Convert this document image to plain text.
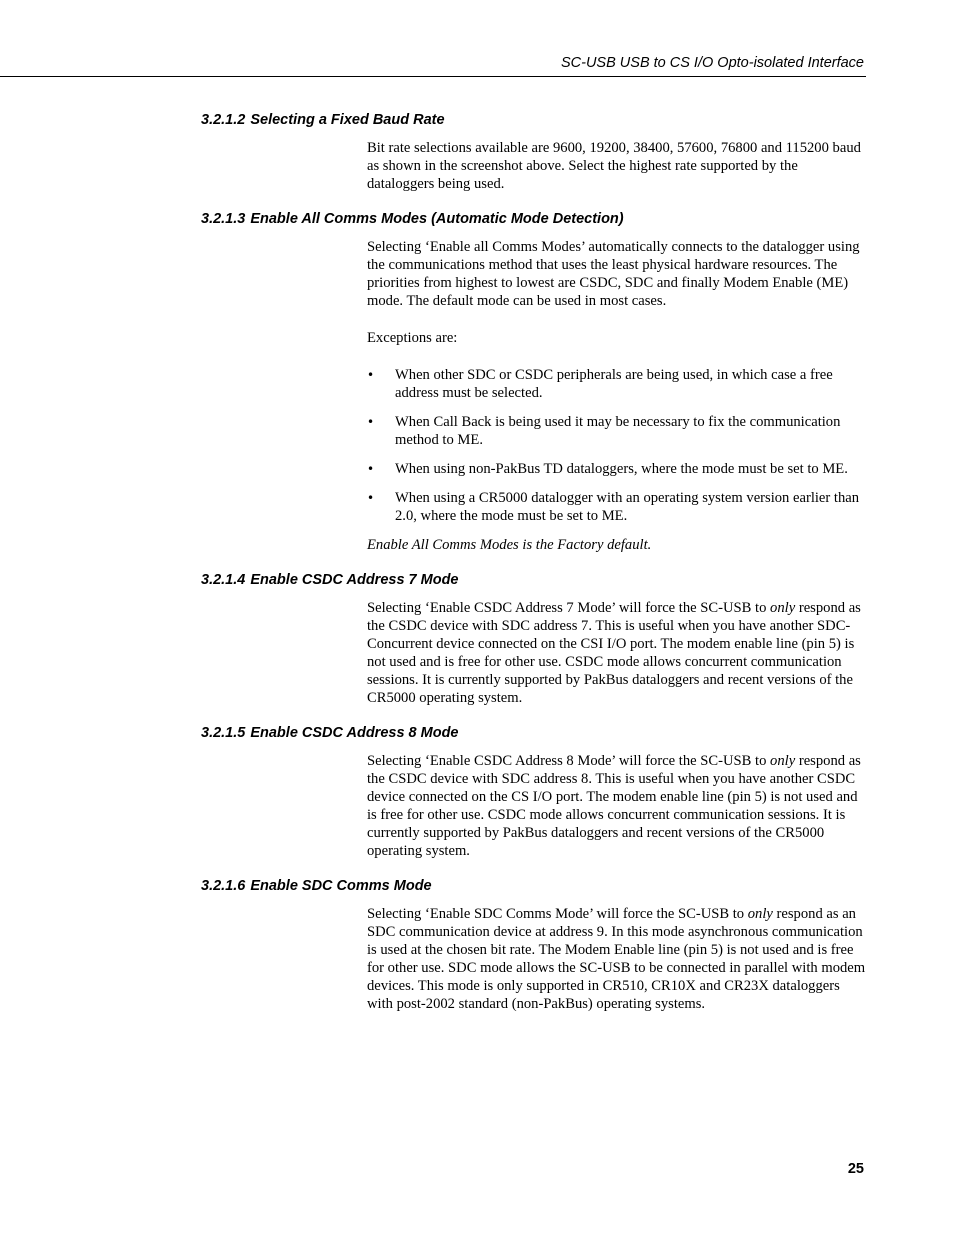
SC-USB USB to CS I/O Opto-isolated Interface
3.2.1.2 Selecting a Fixed Baud Rate

Bit rate selections available are 9600, 19200, 38400, 57600, 76800 and 115200 baud as shown in the screenshot above. Select the highest rate supported by the dataloggers being used.

3.2.1.3 Enable All Comms Modes (Automatic Mode Detection)

Selecting ‘Enable all Comms Modes’ automatically connects to the datalogger using the communications method that uses the least physical hardware resources. The priorities from highest to lowest are CSDC, SDC and finally Modem Enable (ME) mode. The default mode can be used in most cases.

Exceptions are:

• When other SDC or CSDC peripherals are being used, in which case a free address must be selected.
• When Call Back is being used it may be necessary to fix the communication method to ME.
• When using non-PakBus TD dataloggers, where the mode must be set to ME.
• When using a CR5000 datalogger with an operating system version earlier than 2.0, where the mode must be set to ME.

Enable All Comms Modes is the Factory default.

3.2.1.4 Enable CSDC Address 7 Mode

Selecting ‘Enable CSDC Address 7 Mode’ will force the SC-USB to only respond as the CSDC device with SDC address 7. This is useful when you have another SDC-Concurrent device connected on the CSI I/O port. The modem enable line (pin 5) is not used and is free for other use. CSDC mode allows concurrent communication sessions. It is currently supported by PakBus dataloggers and recent versions of the CR5000 operating system.

3.2.1.5 Enable CSDC Address 8 Mode

Selecting ‘Enable CSDC Address 8 Mode’ will force the SC-USB to only respond as the CSDC device with SDC address 8. This is useful when you have another CSDC device connected on the CS I/O port. The modem enable line (pin 5) is not used and is free for other use. CSDC mode allows concurrent communication sessions. It is currently supported by PakBus dataloggers and recent versions of the CR5000 operating system.

3.2.1.6 Enable SDC Comms Mode

Selecting ‘Enable SDC Comms Mode’ will force the SC-USB to only respond as an SDC communication device at address 9. In this mode asynchronous communication is used at the chosen bit rate. The Modem Enable line (pin 5) is not used and is free for other use. SDC mode allows the SC-USB to be connected in parallel with modem devices. This mode is only supported in CR510, CR10X and CR23X dataloggers with post-2002 standard (non-PakBus) operating systems.

25
